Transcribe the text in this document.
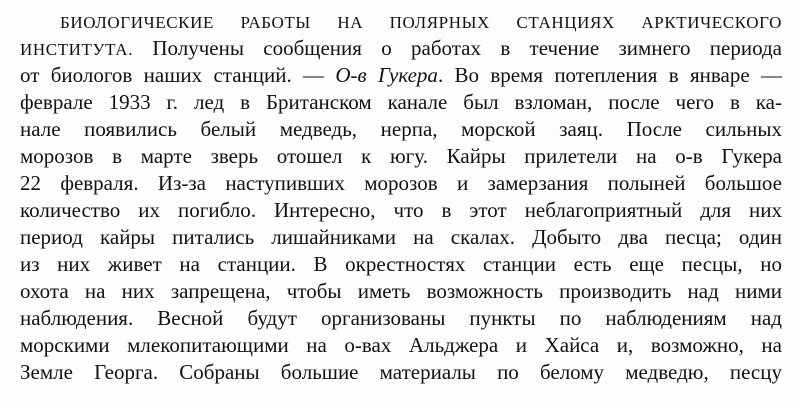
БИОЛОГИЧЕСКИЕ РАБОТЫ НА ПОЛЯРНЫХ СТАНЦИЯХ АРКТИЧЕСКОГО
ИНСТИТУТА. Получены сообщения о работах в течение зимнего периода
от биологов наших станций. — О-в Гукера. Во время потепления в январе —
феврале 1933 г. лед в Британском канале был взломан, после чего в ка-
нале появились белый медведь, нерпа, морской заяц. После сильных
морозов в марте зверь отошел к югу. Кайры прилетели на о-в Гукера
22 февраля. Из-за наступивших морозов и замерзания полыней большое
количество их погибло. Интересно, что в этот неблагоприятный для них
период кайры питались лишайниками на скалах. Добыто два песца; один
из них живет на станции. В окрестностях станции есть еще песцы, но
охота на них запрещена, чтобы иметь возможность производить над ними
наблюдения. Весной будут организованы пункты по наблюдениям над
морскими млекопитающими на о-вах Альджера и Хайса и, возможно, на
Земле Георга. Собраны большие материалы по белому медведю, песцу
